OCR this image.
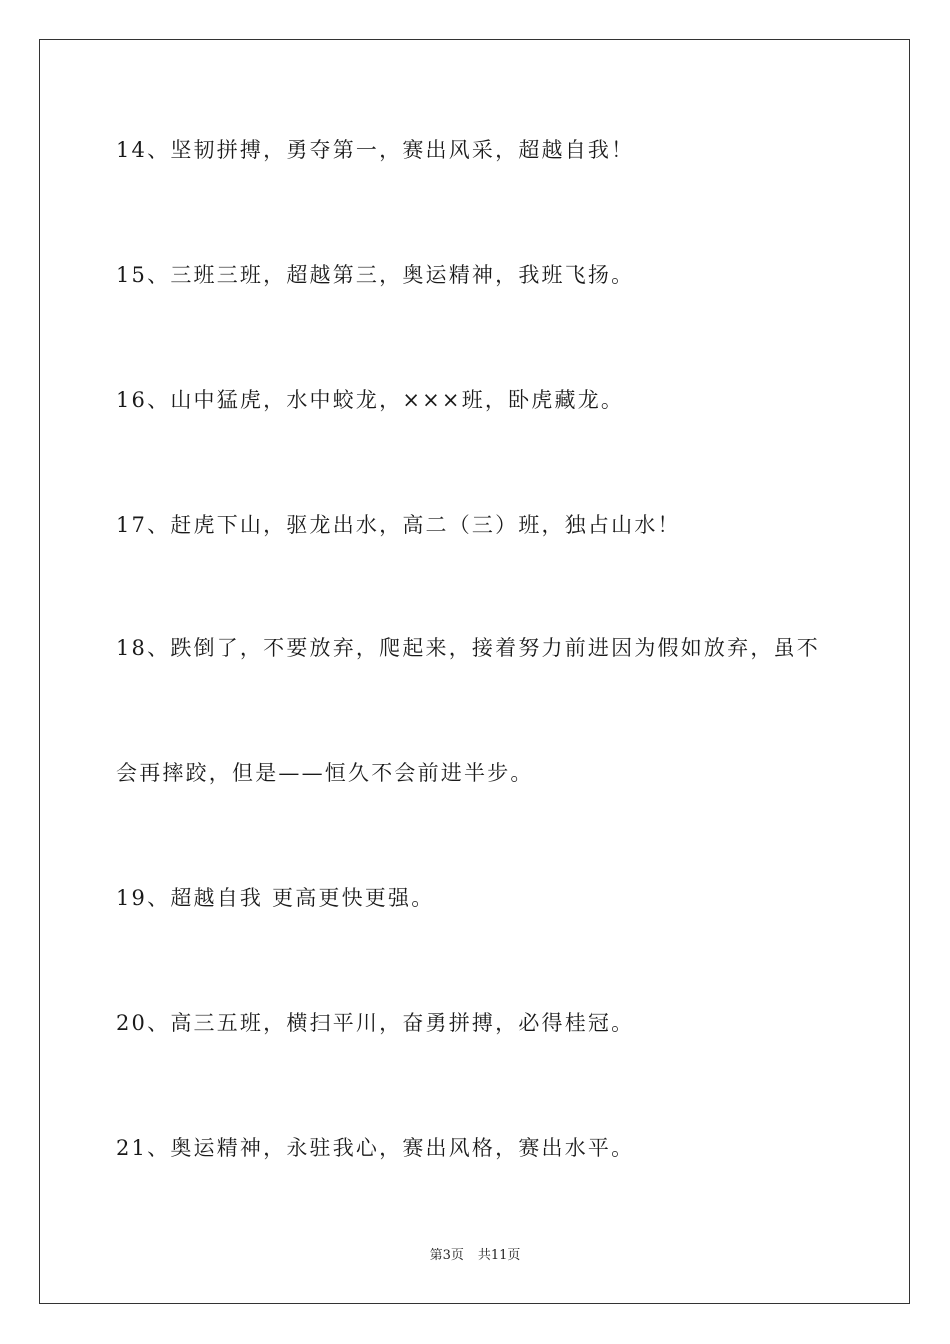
14、坚韧拼搏，勇夺第一，赛出风采，超越自我！
15、三班三班，超越第三，奥运精神，我班飞扬。
16、山中猛虎，水中蛟龙，×××班，卧虎藏龙。
17、赶虎下山，驱龙出水，高二（三）班，独占山水！
18、跌倒了，不要放弃，爬起来，接着努力前进因为假如放弃，虽不
会再摔跤，但是——恒久不会前进半步。
19、超越自我 更高更快更强。
20、高三五班，横扫平川，奋勇拼搏，必得桂冠。
21、奥运精神，永驻我心，赛出风格，赛出水平。
第3页 共11页
